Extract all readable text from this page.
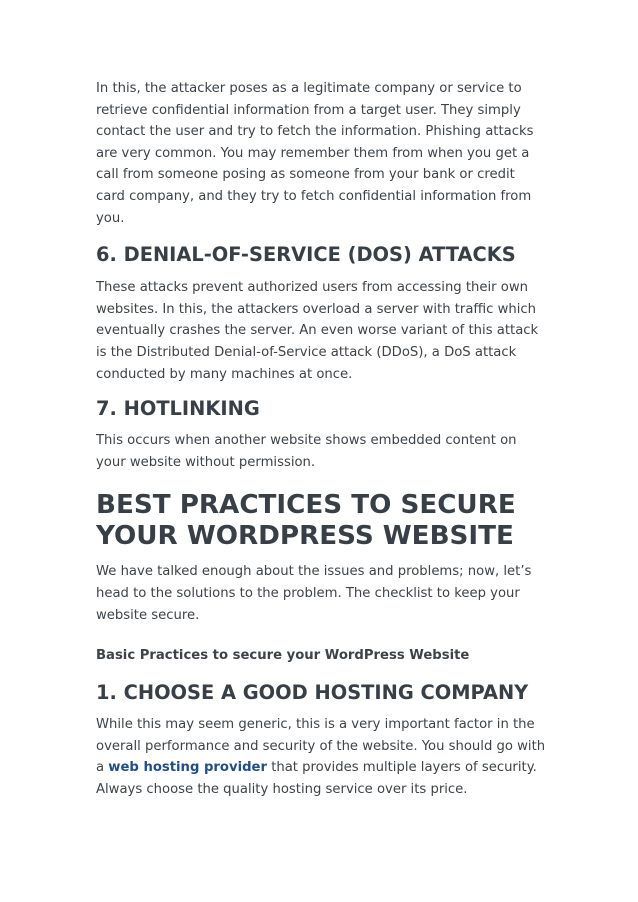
In this, the attacker poses as a legitimate company or service to retrieve confidential information from a target user. They simply contact the user and try to fetch the information. Phishing attacks are very common. You may remember them from when you get a call from someone posing as someone from your bank or credit card company, and they try to fetch confidential information from you.

6. DENIAL-OF-SERVICE (DOS) ATTACKS

These attacks prevent authorized users from accessing their own websites. In this, the attackers overload a server with traffic which eventually crashes the server. An even worse variant of this attack is the Distributed Denial-of-Service attack (DDoS), a DoS attack conducted by many machines at once.

7. HOTLINKING

This occurs when another website shows embedded content on your website without permission.

BEST PRACTICES TO SECURE
YOUR WORDPRESS WEBSITE

We have talked enough about the issues and problems; now, let’s head to the solutions to the problem. The checklist to keep your website secure.

Basic Practices to secure your WordPress Website

1. CHOOSE A GOOD HOSTING COMPANY

While this may seem generic, this is a very important factor in the overall performance and security of the website. You should go with a web hosting provider that provides multiple layers of security. Always choose the quality hosting service over its price.
